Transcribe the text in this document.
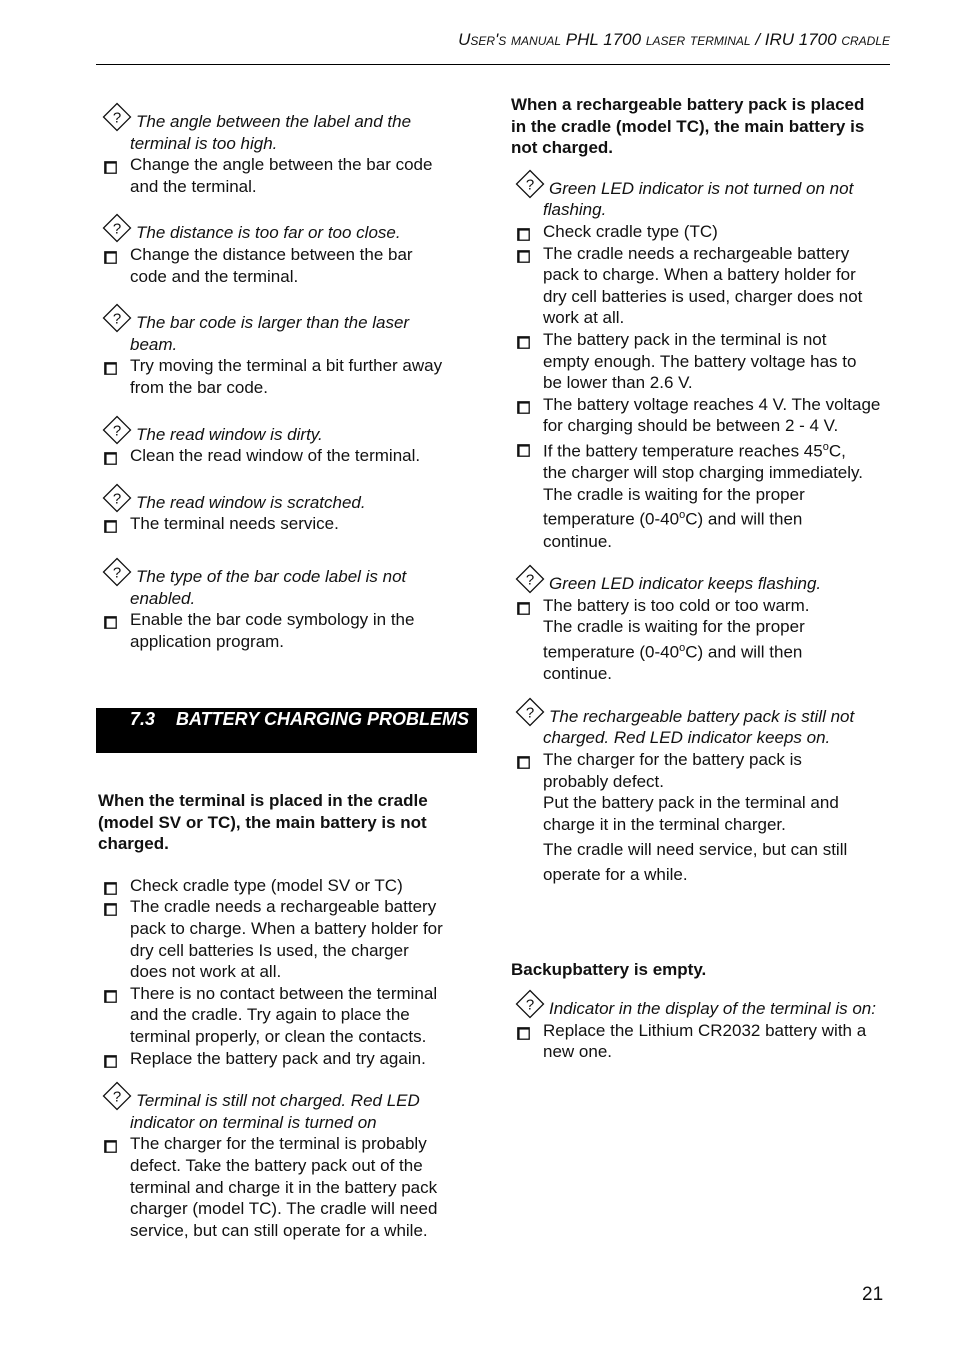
User's manual PHL 1700 laser terminal / IRU 1700 cradle
? The angle between the label and the
terminal is too high.
Change the angle between the bar code
and the terminal.
? The distance is too far or too close.
Change the distance between the bar
code and the terminal.
? The bar code is larger than the laser
beam.
Try moving the terminal a bit further away
from the bar code.
? The read window is dirty.
Clean the read window of the terminal.
? The read window is scratched.
The terminal needs service.
? The type of the bar code label is not
enabled.
Enable the bar code symbology in the
application program.
7.3 BATTERY CHARGING PROBLEMS
When the terminal is placed in the cradle
(model SV or TC), the main battery is not
charged.
Check cradle type (model SV or TC)
The cradle needs a rechargeable battery
pack to charge. When a battery holder for
dry cell batteries Is used, the charger
does not work at all.
There is no contact between the terminal
and the cradle. Try again to place the
terminal properly, or clean the contacts.
Replace the battery pack and try again.
? Terminal is still not charged. Red LED
indicator on terminal is turned on
The charger for the terminal is probably
defect. Take the battery pack out of the
terminal and charge it in the battery pack
charger (model TC). The cradle will need
service, but can still operate for a while.
When a rechargeable battery pack is placed
in the cradle (model TC), the main battery is
not charged.
? Green LED indicator is not turned on not
flashing.
Check cradle type (TC)
The cradle needs a rechargeable battery
pack to charge. When a battery holder for
dry cell batteries is used, charger does not
work at all.
The battery pack in the terminal is not
empty enough. The battery voltage has to
be lower than 2.6 V.
The battery voltage reaches 4 V. The voltage
for charging should be between 2 - 4 V.
If the battery temperature reaches 45$^o$C,
the charger will stop charging immediately.
The cradle is waiting for the proper
temperature (0-40$^o$C) and will then
continue.
? Green LED indicator keeps flashing.
The battery is too cold or too warm.
The cradle is waiting for the proper
temperature (0-40$^o$C) and will then
continue.
? The rechargeable battery pack is still not
charged. Red LED indicator keeps on.
The charger for the battery pack is
probably defect.
Put the battery pack in the terminal and
charge it in the terminal charger.
The cradle will need service, but can still
operate for a while.
Backupbattery is empty.
? Indicator in the display of the terminal is on:
Replace the Lithium CR2032 battery with a
new one.
21
